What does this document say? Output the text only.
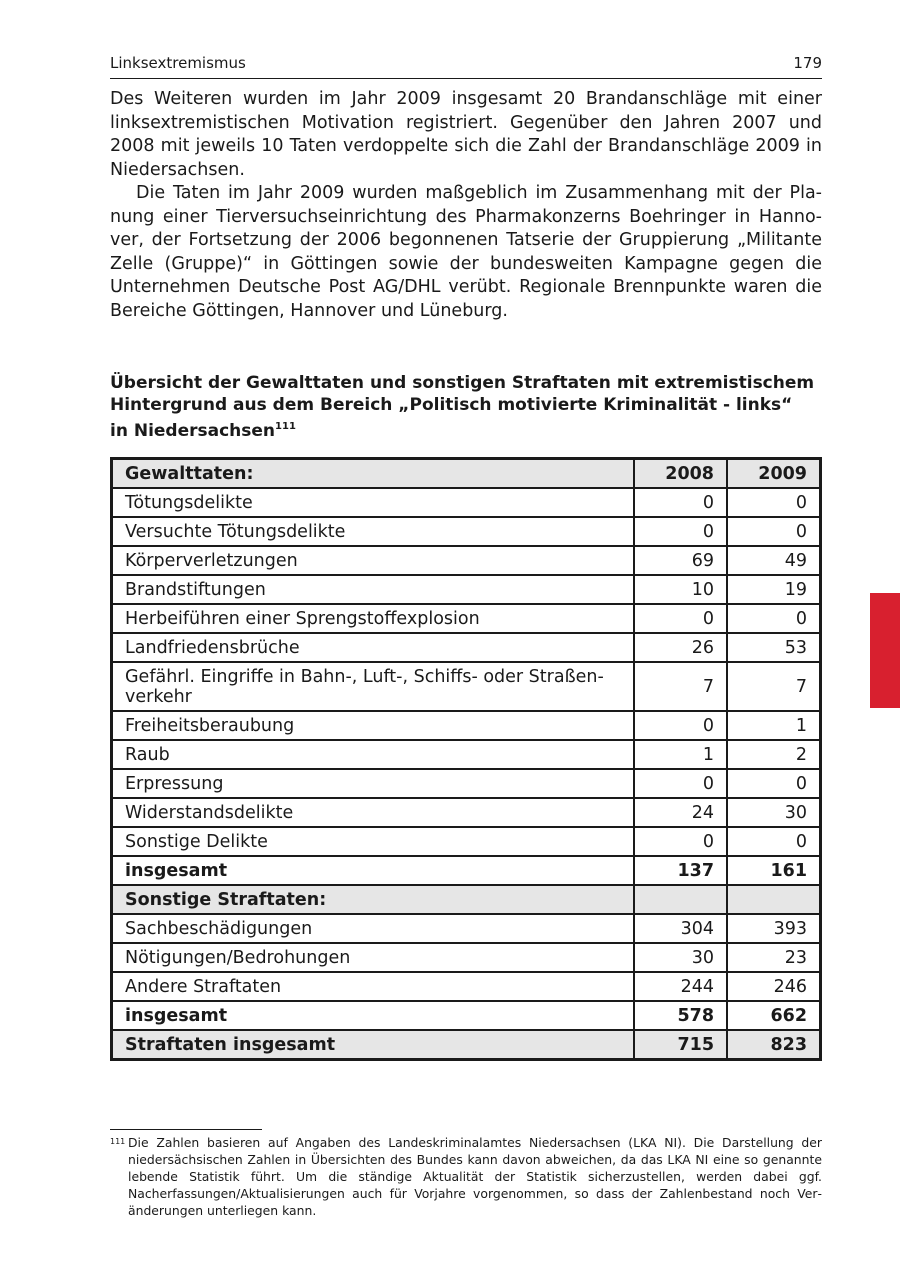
Linksextremismus	179

Des Weiteren wurden im Jahr 2009 insgesamt 20 Brandanschläge mit einer linksextremistischen Motivation registriert. Gegenüber den Jahren 2007 und 2008 mit jeweils 10 Taten verdoppelte sich die Zahl der Brandanschläge 2009 in Niedersachsen.

Die Taten im Jahr 2009 wurden maßgeblich im Zusammenhang mit der Planung einer Tierversuchseinrichtung des Pharmakonzerns Boehringer in Hannover, der Fortsetzung der 2006 begonnenen Tatserie der Gruppierung „Militante Zelle (Gruppe)“ in Göttingen sowie der bundesweiten Kampagne gegen die Unternehmen Deutsche Post AG/DHL verübt. Regionale Brennpunkte waren die Bereiche Göttingen, Hannover und Lüneburg.

Übersicht der Gewalttaten und sonstigen Straftaten mit extremistischem
Hintergrund aus dem Bereich „Politisch motivierte Kriminalität - links“
in Niedersachsen$^{111}$
Gewalttaten:	2008	2009
Tötungsdelikte	0	0
Versuchte Tötungsdelikte	0	0
Körperverletzungen	69	49
Brandstiftungen	10	19
Herbeiführen einer Sprengstoffexplosion	0	0
Landfriedensbrüche	26	53
Gefährl. Eingriffe in Bahn-, Luft-, Schiffs- oder Straßenverkehr	7	7
Freiheitsberaubung	0	1
Raub	1	2
Erpressung	0	0
Widerstandsdelikte	24	30
Sonstige Delikte	0	0
insgesamt	137	161
Sonstige Straftaten:		
Sachbeschädigungen	304	393
Nötigungen/Bedrohungen	30	23
Andere Straftaten	244	246
insgesamt	578	662
Straftaten insgesamt	715	823
111 Die Zahlen basieren auf Angaben des Landeskriminalamtes Niedersachsen (LKA NI). Die Darstellung der niedersächsischen Zahlen in Übersichten des Bundes kann davon abweichen, da das LKA NI eine so genannte lebende Statistik führt. Um die ständige Aktualität der Statistik sicherzustellen, werden dabei ggf. Nacherfassungen/Aktualisierungen auch für Vorjahre vorgenommen, so dass der Zahlenbestand noch Veränderungen unterliegen kann.
